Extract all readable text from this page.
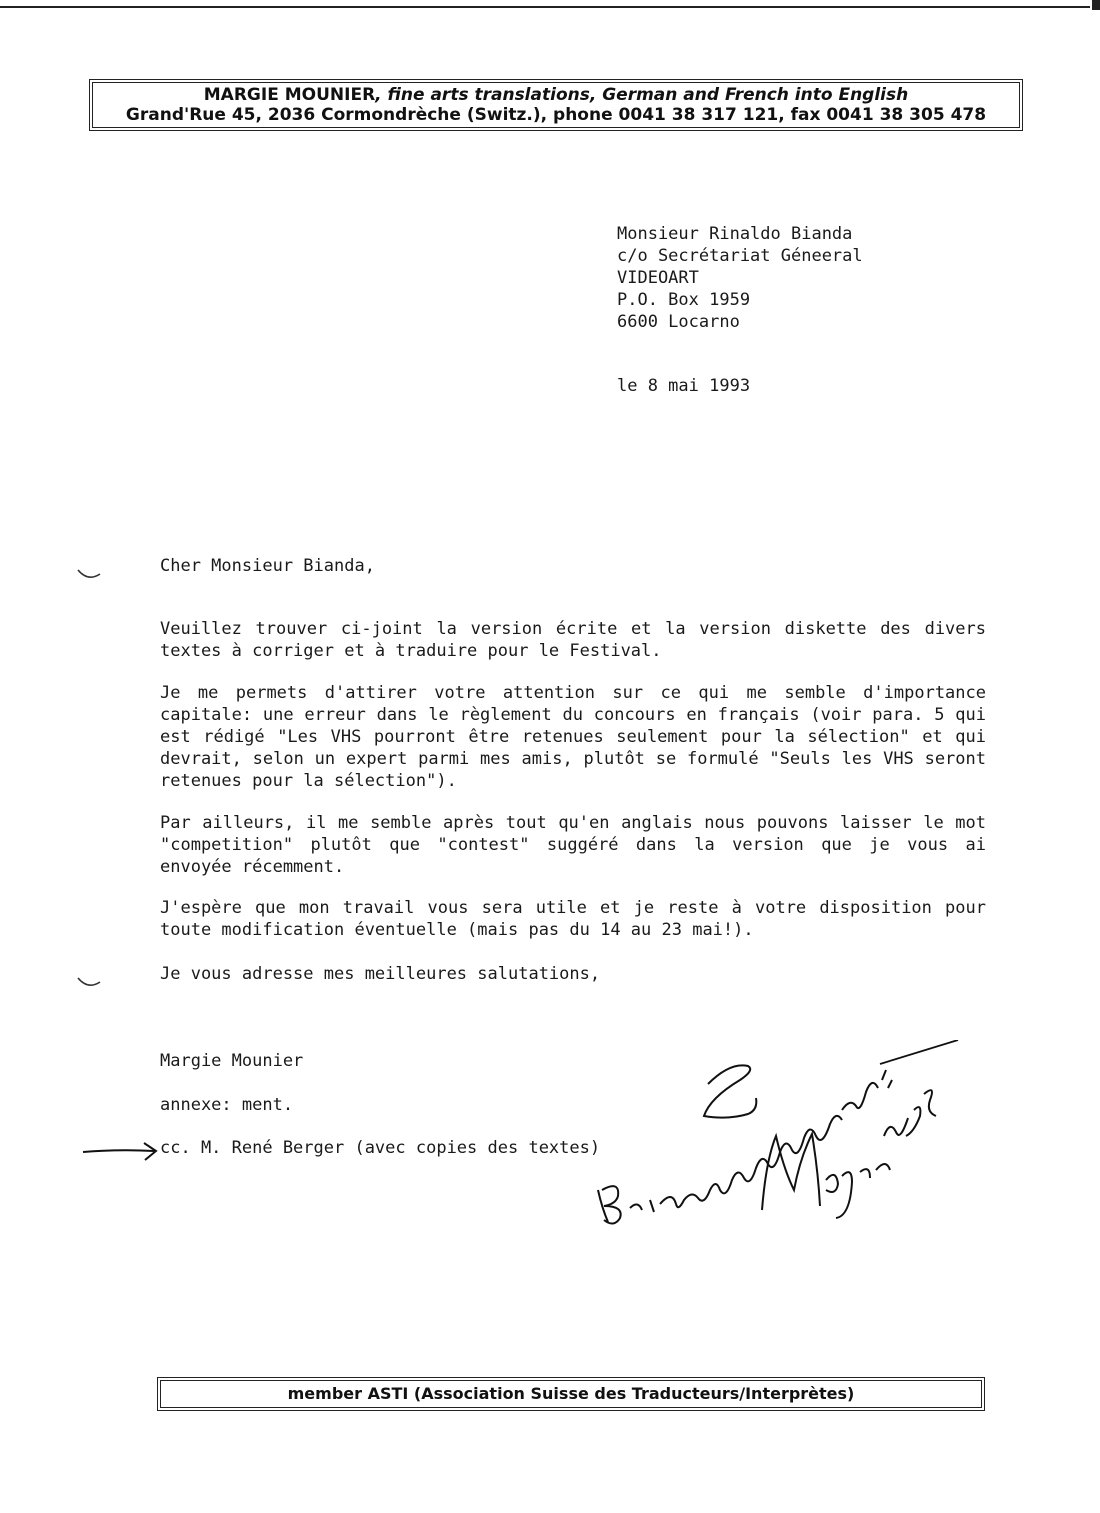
MARGIE MOUNIER, fine arts translations, German and French into English
Grand'Rue 45, 2036 Cormondrèche (Switz.), phone 0041 38 317 121, fax 0041 38 305 478
Monsieur Rinaldo Bianda
c/o Secrétariat Géneeral
VIDEOART
P.O. Box 1959
6600 Locarno
le 8 mai 1993
Cher Monsieur Bianda,
Veuillez trouver ci-joint la version écrite et la version diskette des divers textes à corriger et à traduire pour le Festival.
Je me permets d'attirer votre attention sur ce qui me semble d'importance capitale: une erreur dans le règlement du concours en français (voir para. 5 qui est rédigé "Les VHS pourront être retenues seulement pour la sélection" et qui devrait, selon un expert parmi mes amis, plutôt se formulé "Seuls les VHS seront retenues pour la sélection").
Par ailleurs, il me semble après tout qu'en anglais nous pouvons laisser le mot "competition" plutôt que "contest" suggéré dans la version que je vous ai envoyée récemment.
J'espère que mon travail vous sera utile et je reste à votre disposition pour toute modification éventuelle (mais pas du 14 au 23 mai!).
Je vous adresse mes meilleures salutations,
Margie Mounier
annexe: ment.
cc. M. René Berger (avec copies des textes)
member ASTI (Association Suisse des Traducteurs/Interprètes)
